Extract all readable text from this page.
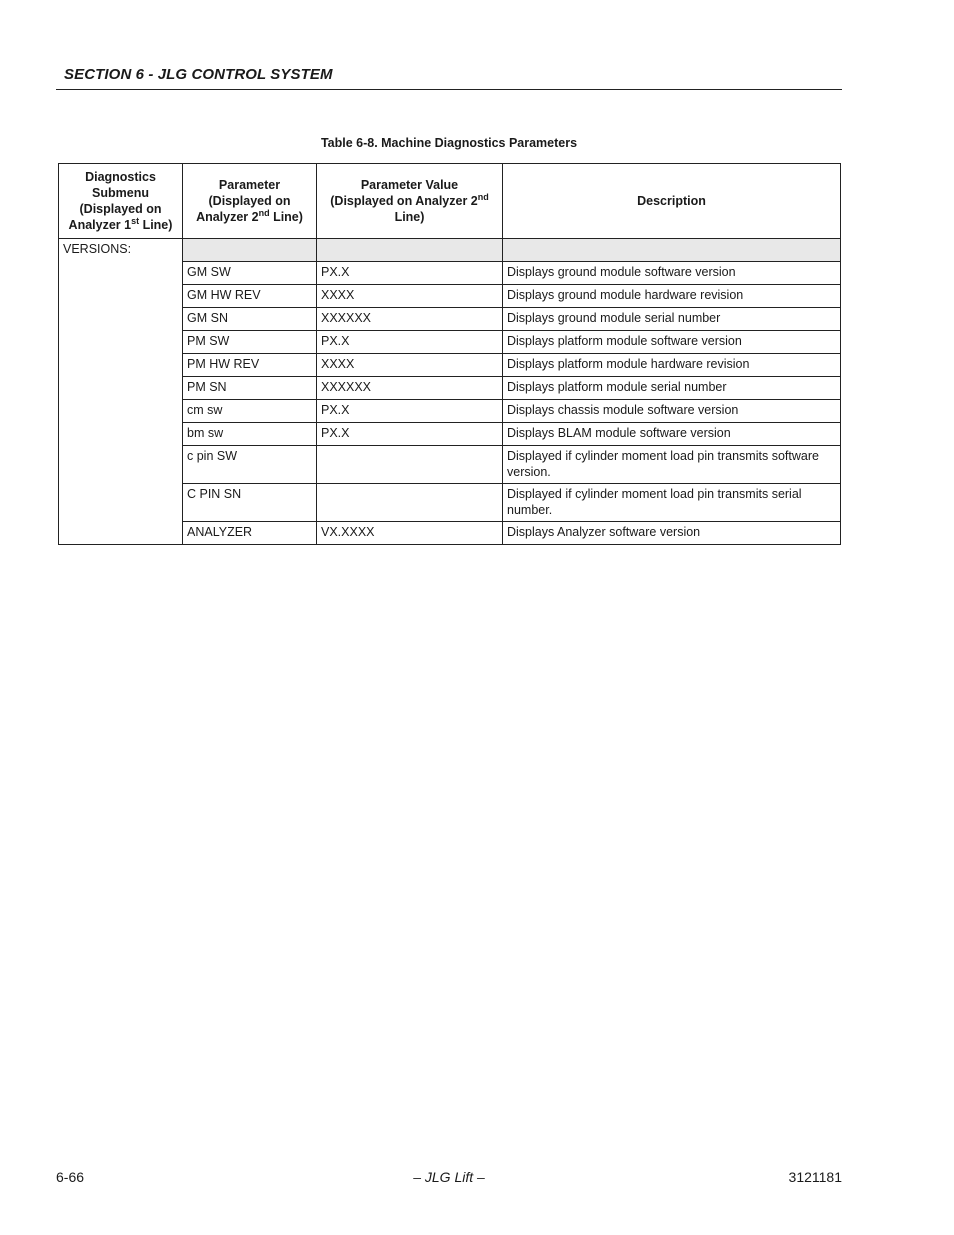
SECTION 6 - JLG CONTROL SYSTEM
Table 6-8. Machine Diagnostics Parameters
Diagnostics
Submenu
(Displayed on
Analyzer 1st Line)	Parameter
(Displayed on
Analyzer 2nd Line)	Parameter Value
(Displayed on Analyzer 2nd
Line)	Description
VERSIONS:			
	GM SW	PX.X	Displays ground module software version
	GM HW REV	XXXX	Displays ground module hardware revision
	GM SN	XXXXXX	Displays ground module serial number
	PM SW	PX.X	Displays platform module software version
	PM HW REV	XXXX	Displays platform module hardware revision
	PM SN	XXXXXX	Displays platform module serial number
	cm sw	PX.X	Displays chassis module software version
	bm sw	PX.X	Displays BLAM module software version
	c pin SW		Displayed if cylinder moment load pin transmits software version.
	C PIN SN		Displayed if cylinder moment load pin transmits serial number.
	ANALYZER	VX.XXXX	Displays Analyzer software version
6-66	– JLG Lift –	3121181
